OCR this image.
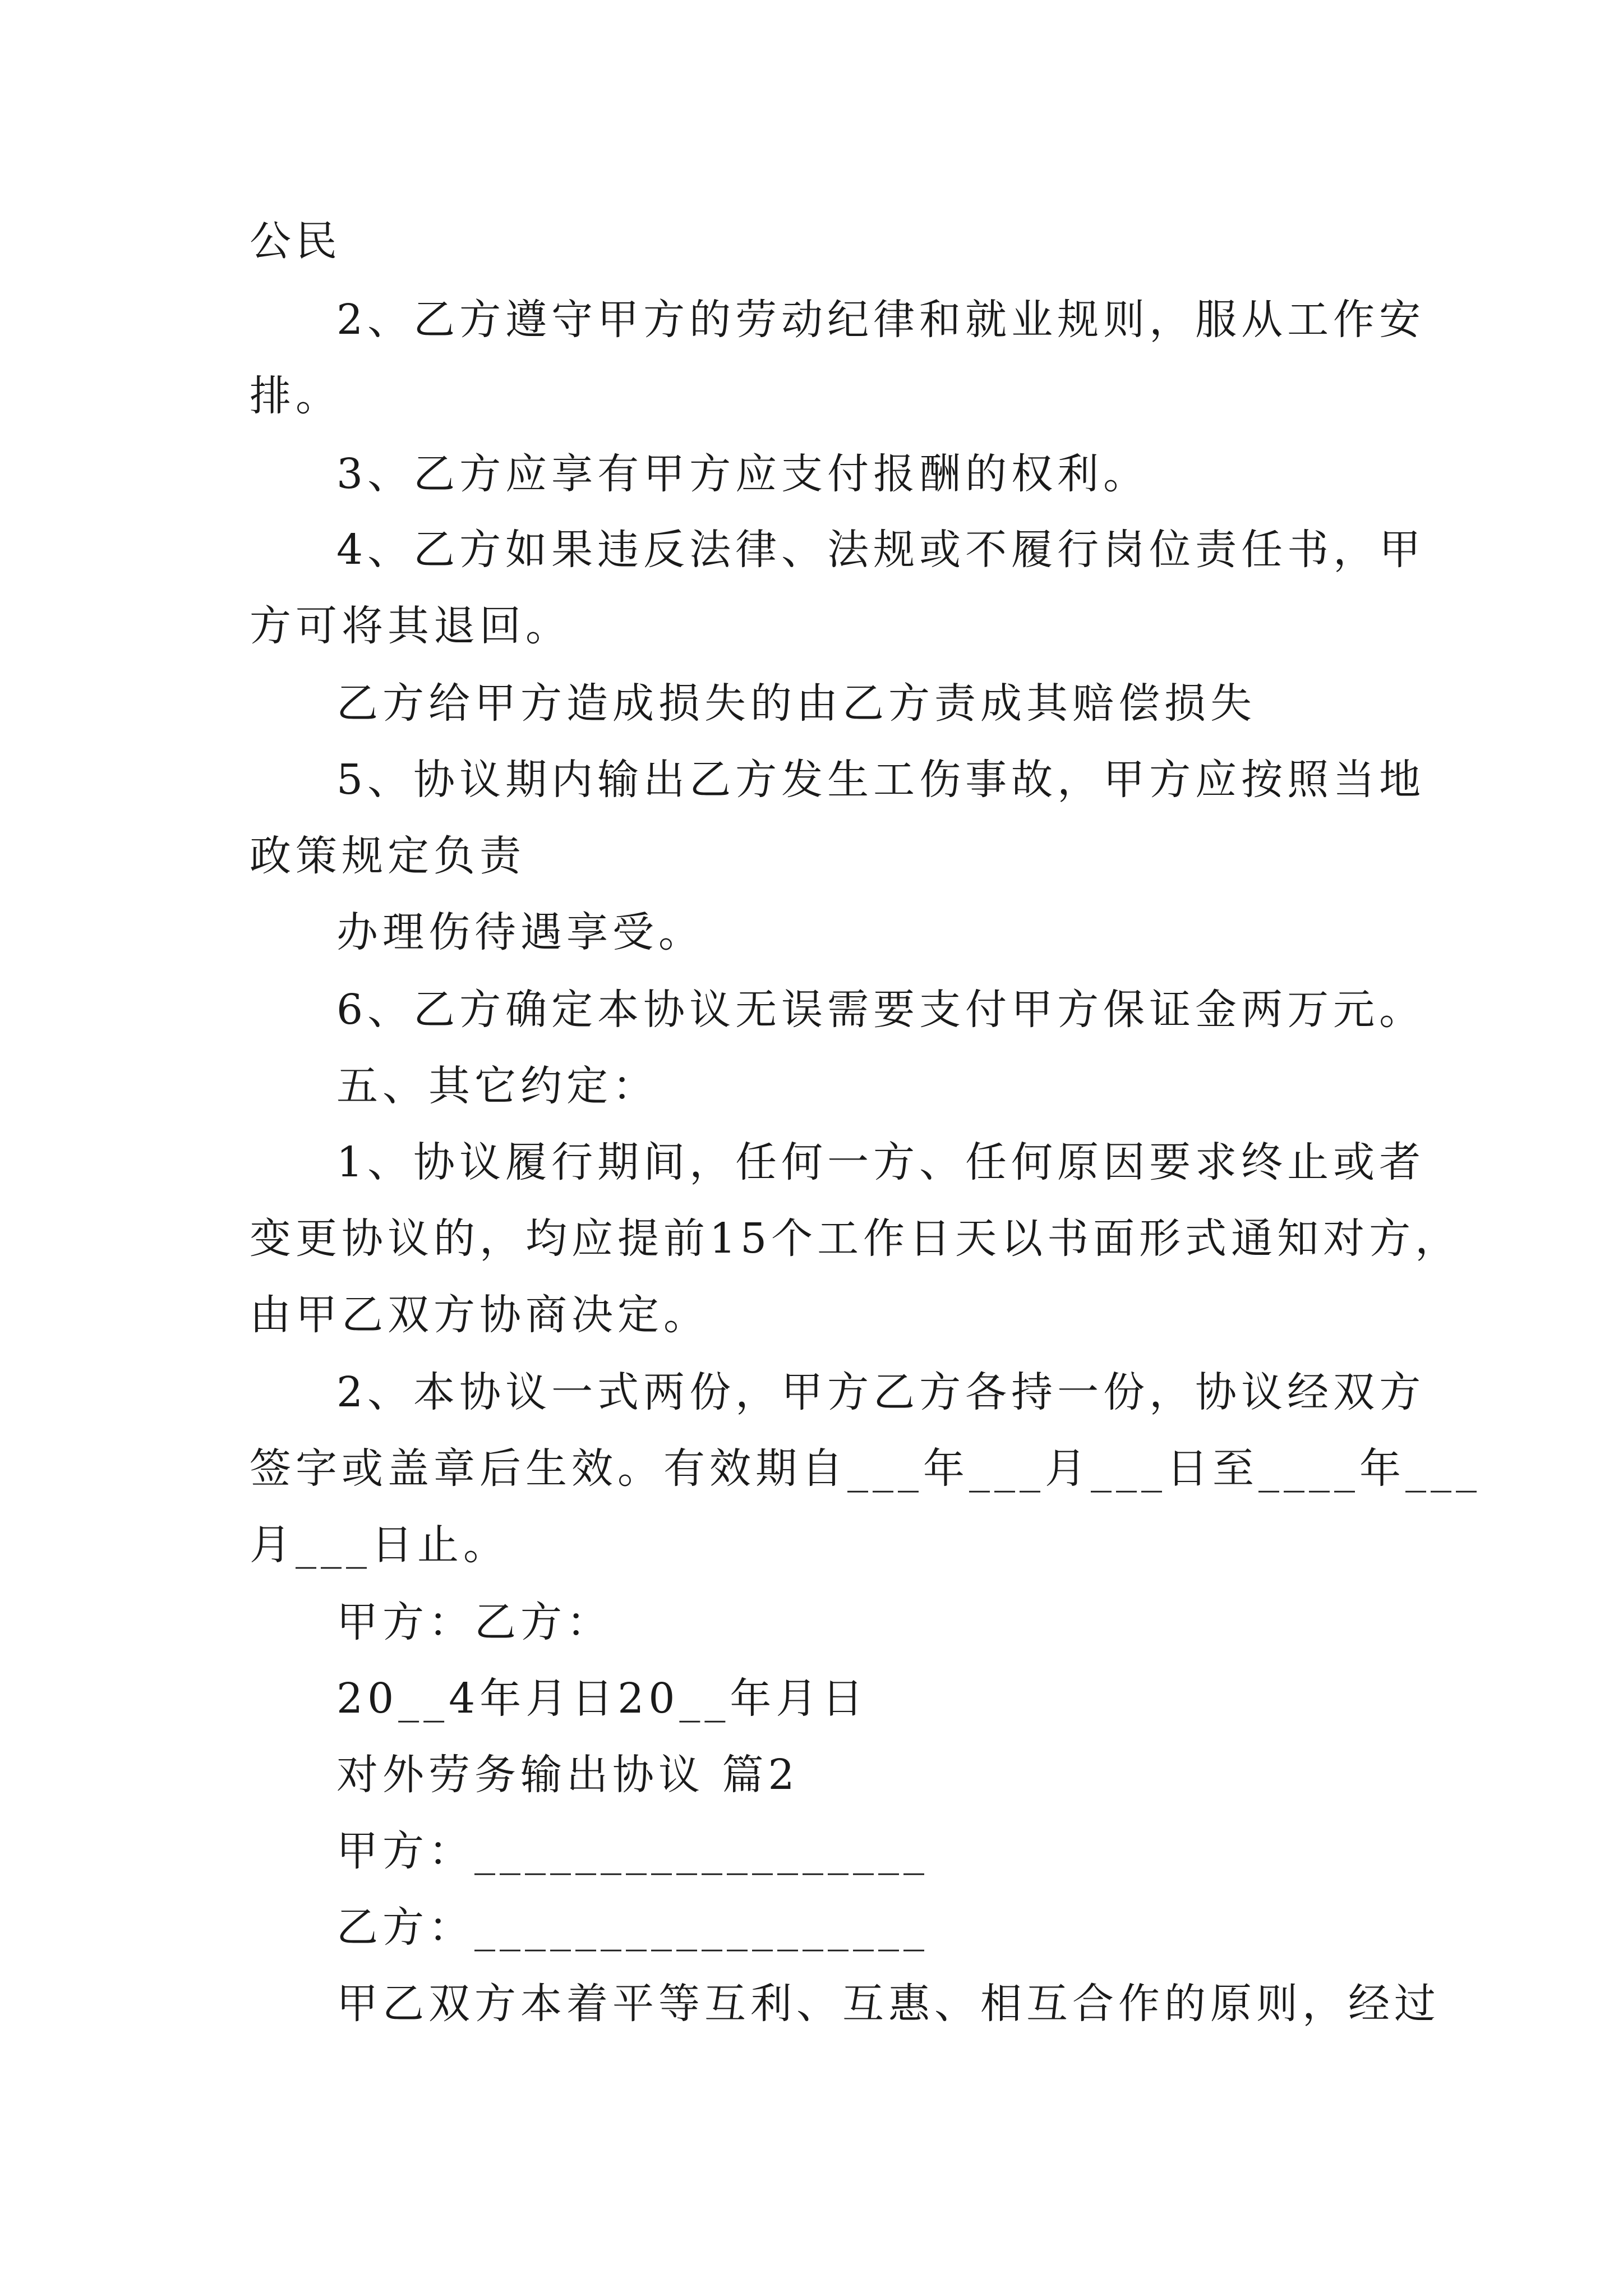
公民
2、乙方遵守甲方的劳动纪律和就业规则，服从工作安
排。
3、乙方应享有甲方应支付报酬的权利。
4、乙方如果违反法律、法规或不履行岗位责任书，甲
方可将其退回。
乙方给甲方造成损失的由乙方责成其赔偿损失
5、协议期内输出乙方发生工伤事故，甲方应按照当地
政策规定负责
办理伤待遇享受。
6、乙方确定本协议无误需要支付甲方保证金两万元。
五、其它约定：
1、协议履行期间，任何一方、任何原因要求终止或者
变更协议的，均应提前15个工作日天以书面形式通知对方，
由甲乙双方协商决定。
2、本协议一式两份，甲方乙方各持一份，协议经双方
签字或盖章后生效。有效期自___年___月___日至____年___
月___日止。
甲方：乙方：
20__4年月日20__年月日
对外劳务输出协议 篇2
甲方：__________________
乙方：__________________
甲乙双方本着平等互利、互惠、相互合作的原则，经过
